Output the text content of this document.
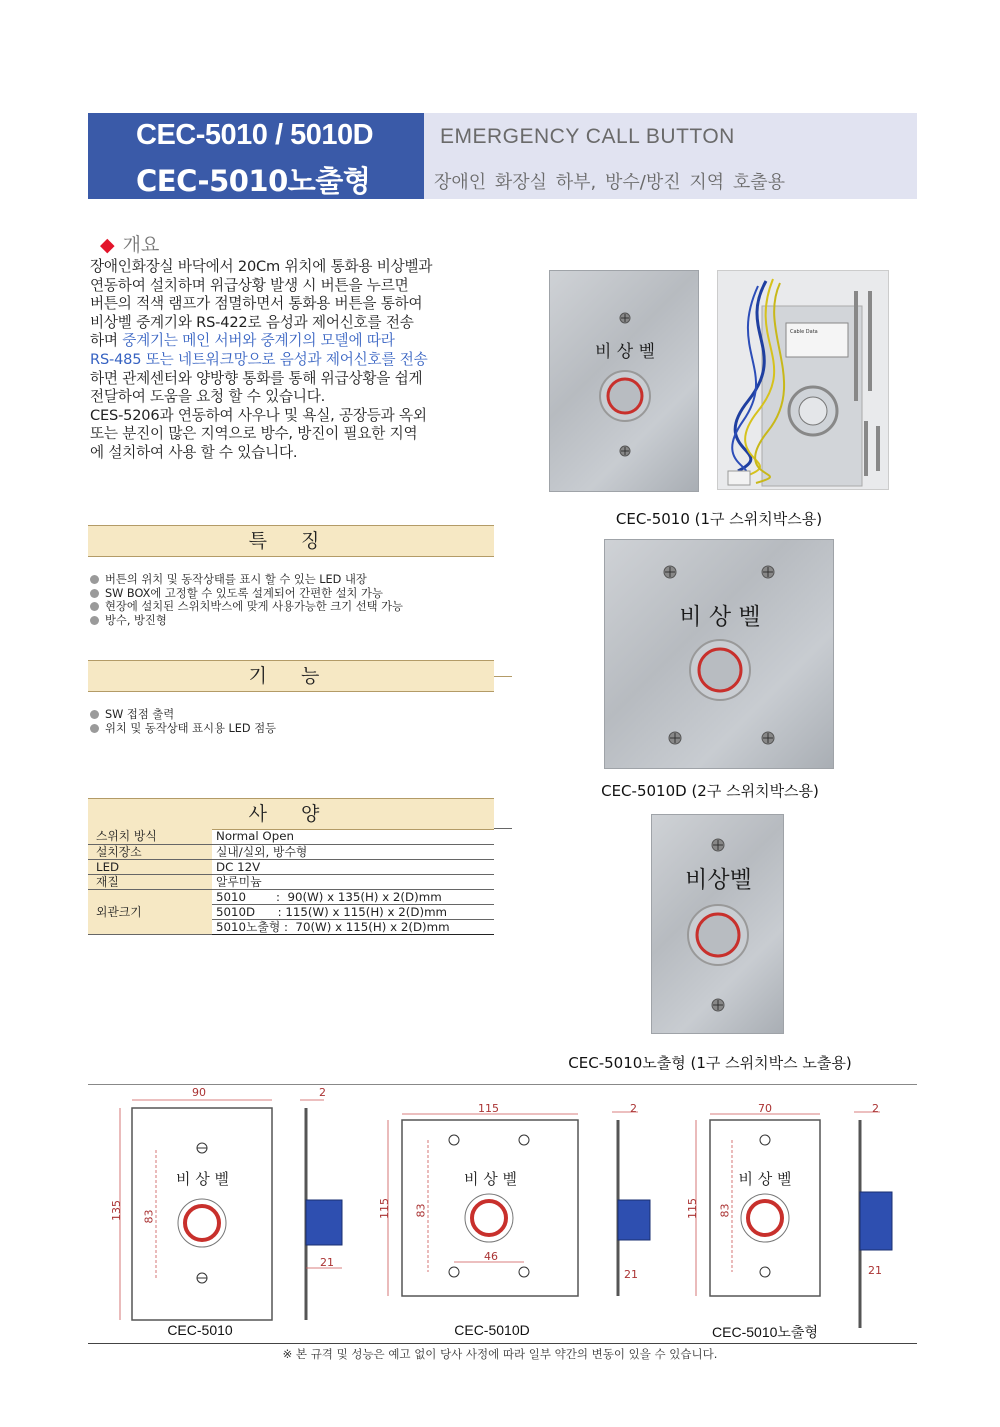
CEC-5010 / 5010D
CEC-5010노출형
EMERGENCY CALL BUTTON
장애인 화장실 하부, 방수/방진 지역 호출용
◆ 개요
장애인화장실 바닥에서 20Cm 위치에 통화용 비상벨과
연동하여 설치하며 위급상황 발생 시 버튼을 누르면
버튼의 적색 램프가 점멸하면서 통화용 버튼을 통하여
비상벨 중계기와 RS-422로 음성과 제어신호를 전송
하며 중계기는 메인 서버와 중계기의 모델에 따라
RS-485 또는 네트워크망으로 음성과 제어신호를 전송
하면 관제센터와 양방향 통화를 통해 위급상황을 쉽게
전달하여 도움을 요청 할 수 있습니다.
CES-5206과 연동하여 사우나 및 욕실, 공장등과 옥외
또는 분진이 많은 지역으로 방수, 방진이 필요한 지역
에 설치하여 사용 할 수 있습니다.
특 징
버튼의 위치 및 동작상태를 표시 할 수 있는 LED 내장
SW BOX에 고정할 수 있도록 설계되어 간편한 설치 가능
현장에 설치된 스위치박스에 맞게 사용가능한 크기 선택 가능
방수, 방진형
기 능
SW 접점 출력
위치 및 동작상태 표시용 LED 점등
사 양
스위치 방식	Normal Open
설치장소	실내/실외, 방수형
LED	DC 12V
재질	알루미늄
외관크기	5010        :  90(W) x 135(H) x 2(D)mm
	5010D      : 115(W) x 115(H) x 2(D)mm
	5010노출형 :  70(W) x 115(H) x 2(D)mm
비 상 벨
Cable Data
CEC-5010 (1구 스위치박스용)
비 상 벨
CEC-5010D (2구 스위치박스용)
비상벨
CEC-5010노출형 (1구 스위치박스 노출용)
90	2
135 83
21
비 상 벨
CEC-5010
115	2
115 83
46
21
비 상 벨
CEC-5010D
70	2
115 83
21
비 상 벨
CEC-5010노출형
※ 본 규격 및 성능은 예고 없이 당사 사정에 따라 일부 약간의 변동이 있을 수 있습니다.
